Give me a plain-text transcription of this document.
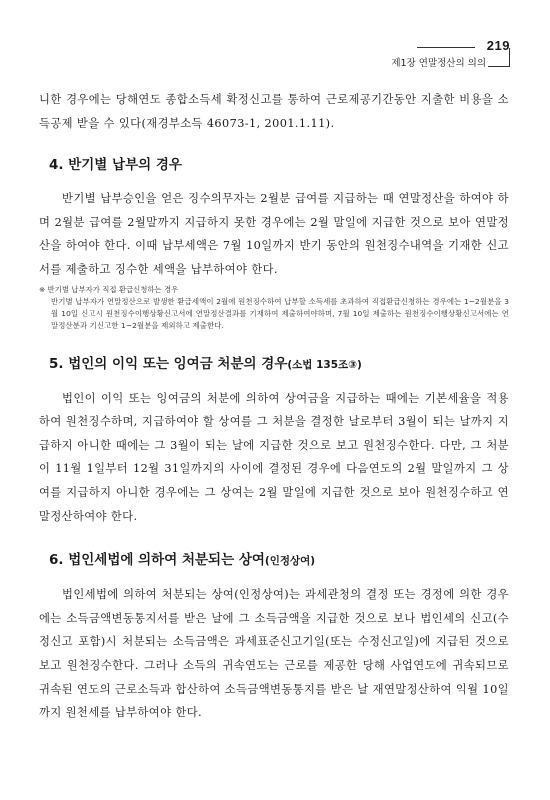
219
제1장 연말정산의 의의

니한 경우에는 당해연도 종합소득세 확정신고를 통하여 근로제공기간동안 지출한 비용을 소득공제 받을 수 있다(재경부소득 46073-1, 2001.1.11).

4. 반기별 납부의 경우

반기별 납부승인을 얻은 징수의무자는 2월분 급여를 지급하는 때 연말정산을 하여야 하며 2월분 급여를 2월말까지 지급하지 못한 경우에는 2월 말일에 지급한 것으로 보아 연말정산을 하여야 한다. 이때 납부세액은 7월 10일까지 반기 동안의 원천징수내역을 기재한 신고서를 제출하고 징수한 세액을 납부하여야 한다.

※ 반기별 납부자가 직접 환급신청하는 경우

반기별 납부자가 연말정산으로 발생한 환급세액이 2월에 원천징수하여 납부할 소득세를 초과하여 직접환급신청하는 경우에는 1~2월분을 3월 10일 신고시 원천징수이행상황신고서에 연말정산결과를 기재하여 제출하여야하며, 7월 10일 제출하는 원천징수이행상황신고서에는 연말정산분과 기신고한 1~2월분을 제외하고 제출한다.

5. 법인의 이익 또는 잉여금 처분의 경우(소법 135조③)

법인이 이익 또는 잉여금의 처분에 의하여 상여금을 지급하는 때에는 기본세율을 적용하여 원천징수하며, 지급하여야 할 상여를 그 처분을 결정한 날로부터 3월이 되는 날까지 지급하지 아니한 때에는 그 3월이 되는 날에 지급한 것으로 보고 원천징수한다. 다만, 그 처분이 11월 1일부터 12월 31일까지의 사이에 결정된 경우에 다음연도의 2월 말일까지 그 상여를 지급하지 아니한 경우에는 그 상여는 2월 말일에 지급한 것으로 보아 원천징수하고 연말정산하여야 한다.

6. 법인세법에 의하여 처분되는 상여(인정상여)

법인세법에 의하여 처분되는 상여(인정상여)는 과세관청의 결정 또는 경정에 의한 경우에는 소득금액변동통지서를 받은 날에 그 소득금액을 지급한 것으로 보나 법인세의 신고(수정신고 포함)시 처분되는 소득금액은 과세표준신고기일(또는 수정신고일)에 지급된 것으로 보고 원천징수한다. 그러나 소득의 귀속연도는 근로를 제공한 당해 사업연도에 귀속되므로 귀속된 연도의 근로소득과 합산하여 소득금액변동통지를 받은 날 재연말정산하여 익월 10일까지 원천세를 납부하여야 한다.
